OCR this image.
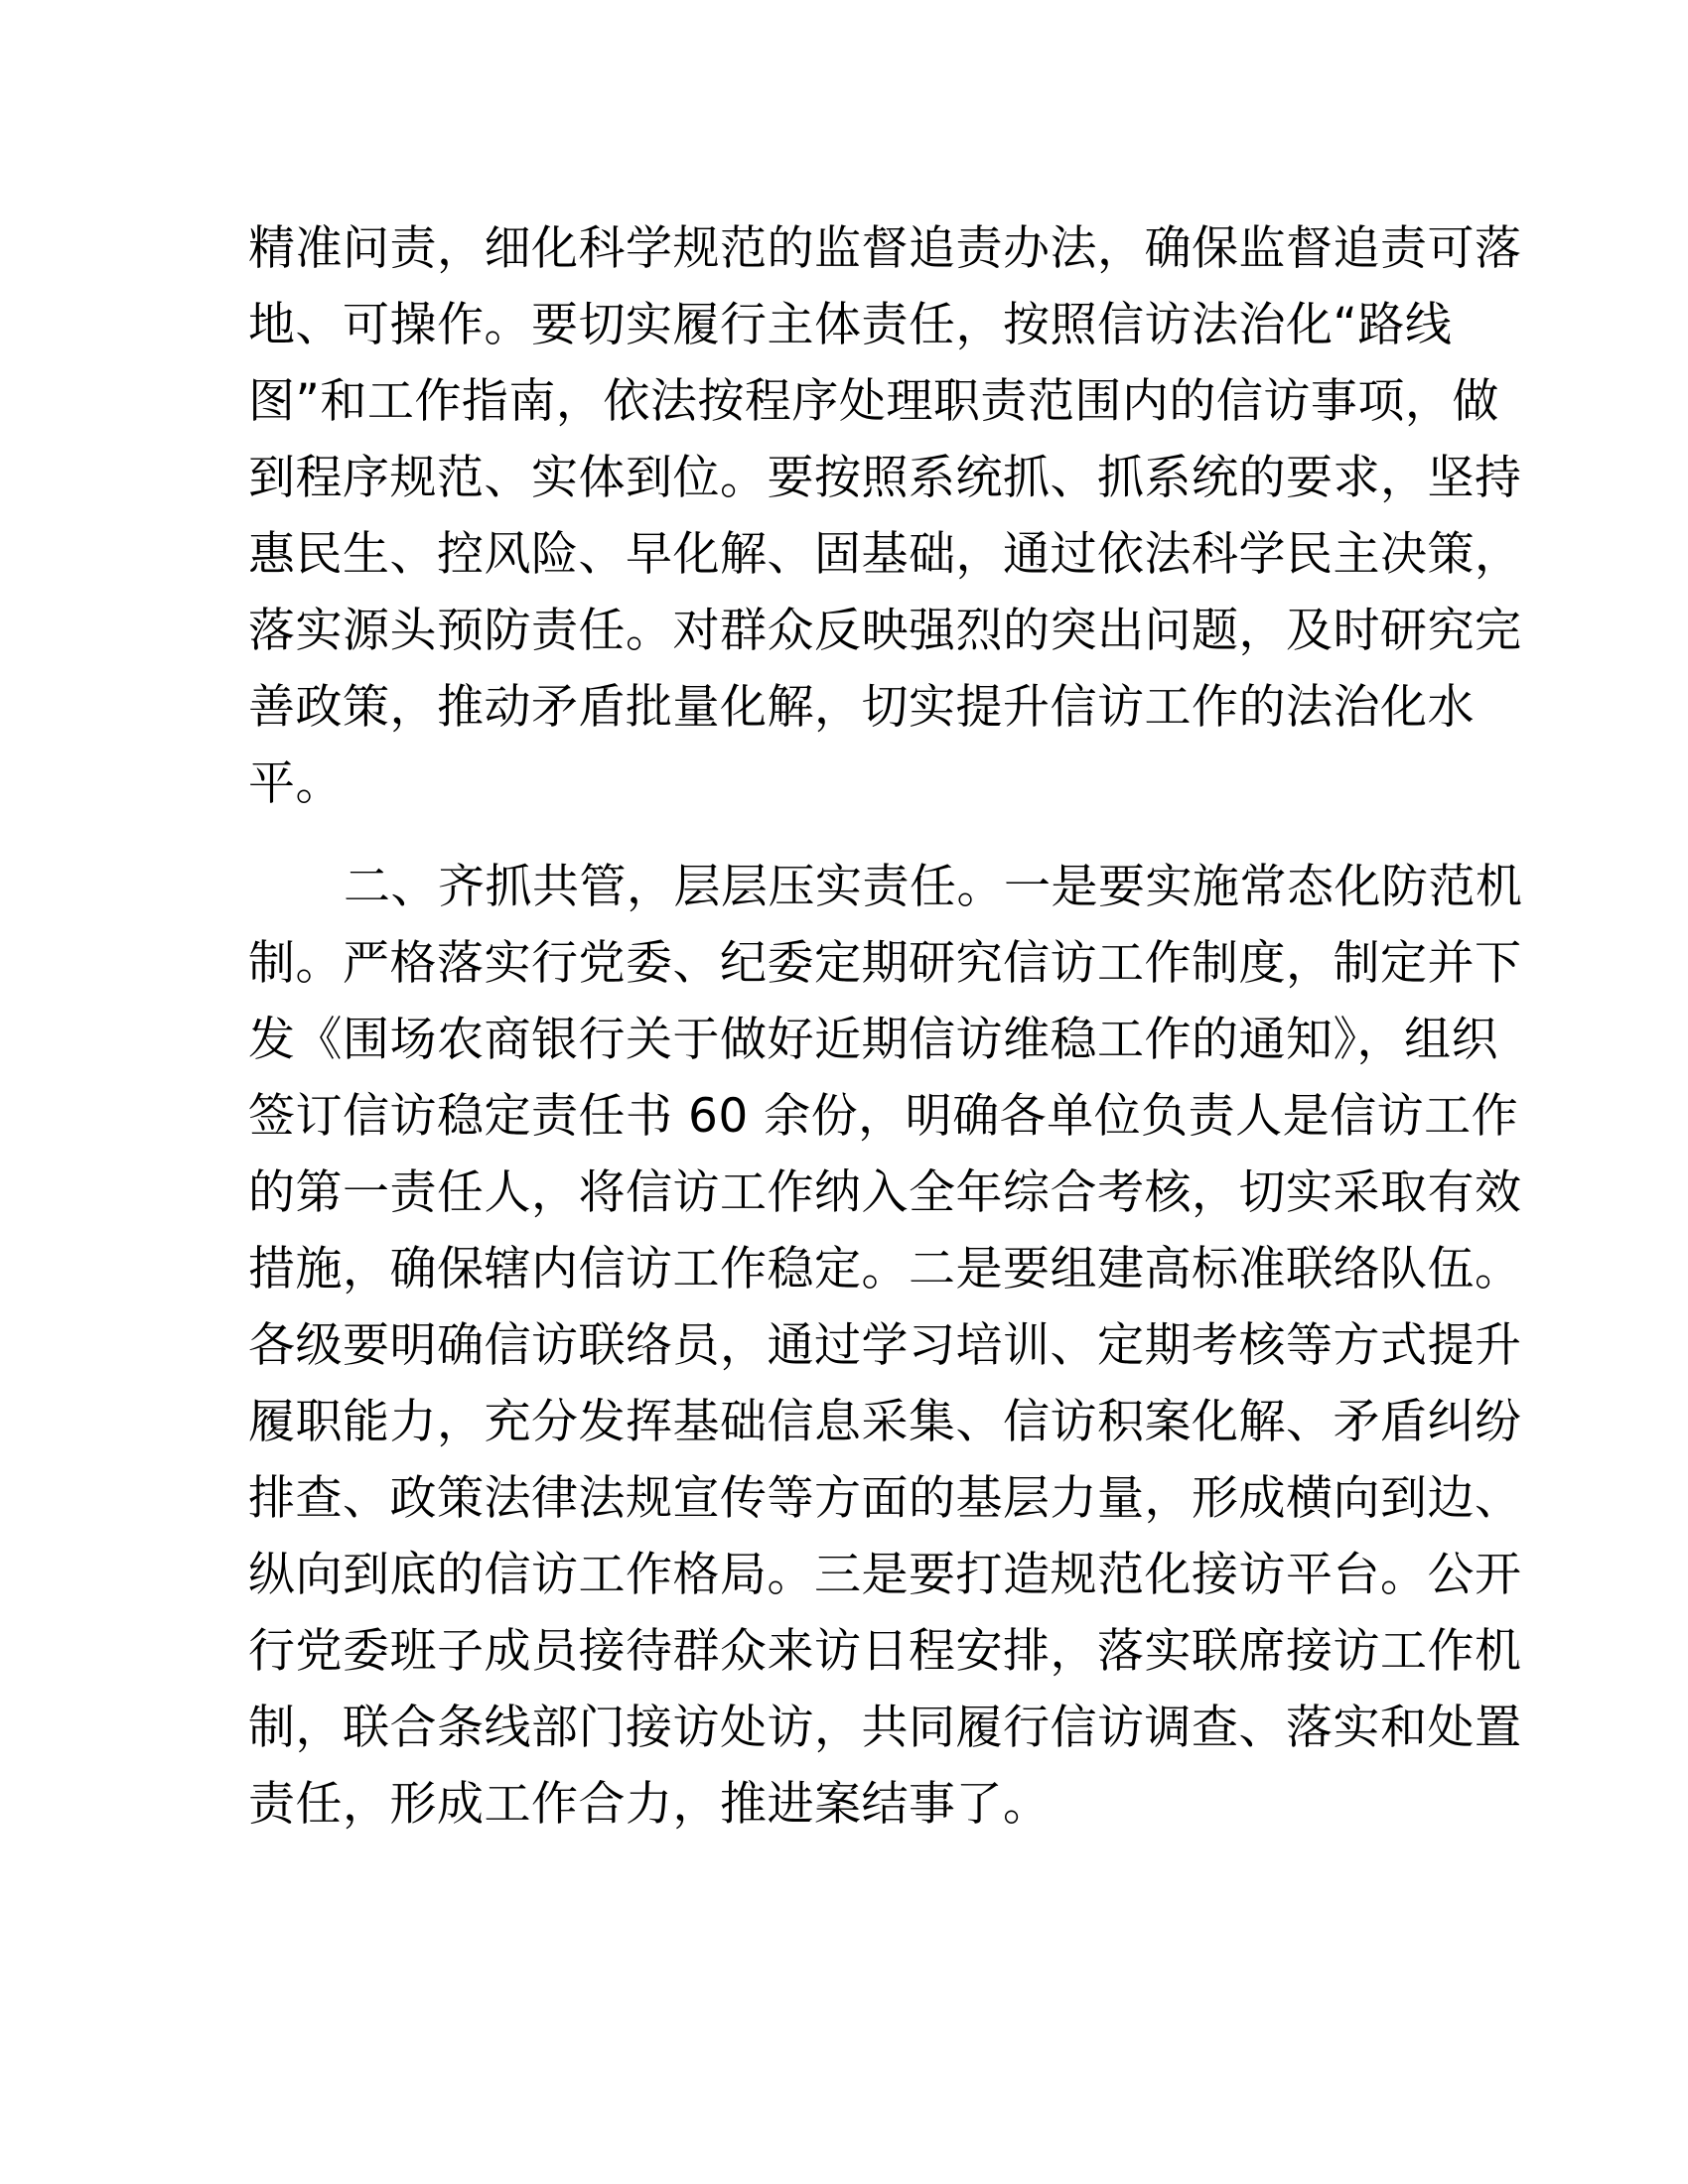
精准问责，细化科学规范的监督追责办法，确保监督追责可落
地、可操作。要切实履行主体责任，按照信访法治化“路线
图”和工作指南，依法按程序处理职责范围内的信访事项，做
到程序规范、实体到位。要按照系统抓、抓系统的要求，坚持
惠民生、控风险、早化解、固基础，通过依法科学民主决策，
落实源头预防责任。对群众反映强烈的突出问题，及时研究完
善政策，推动矛盾批量化解，切实提升信访工作的法治化水
平。
二、齐抓共管，层层压实责任。一是要实施常态化防范机
制。严格落实行党委、纪委定期研究信访工作制度，制定并下
发《围场农商银行关于做好近期信访维稳工作的通知》，组织
签订信访稳定责任书 60 余份，明确各单位负责人是信访工作
的第一责任人，将信访工作纳入全年综合考核，切实采取有效
措施，确保辖内信访工作稳定。二是要组建高标准联络队伍。
各级要明确信访联络员，通过学习培训、定期考核等方式提升
履职能力，充分发挥基础信息采集、信访积案化解、矛盾纠纷
排查、政策法律法规宣传等方面的基层力量，形成横向到边、
纵向到底的信访工作格局。三是要打造规范化接访平台。公开
行党委班子成员接待群众来访日程安排，落实联席接访工作机
制，联合条线部门接访处访，共同履行信访调查、落实和处置
责任，形成工作合力，推进案结事了。
